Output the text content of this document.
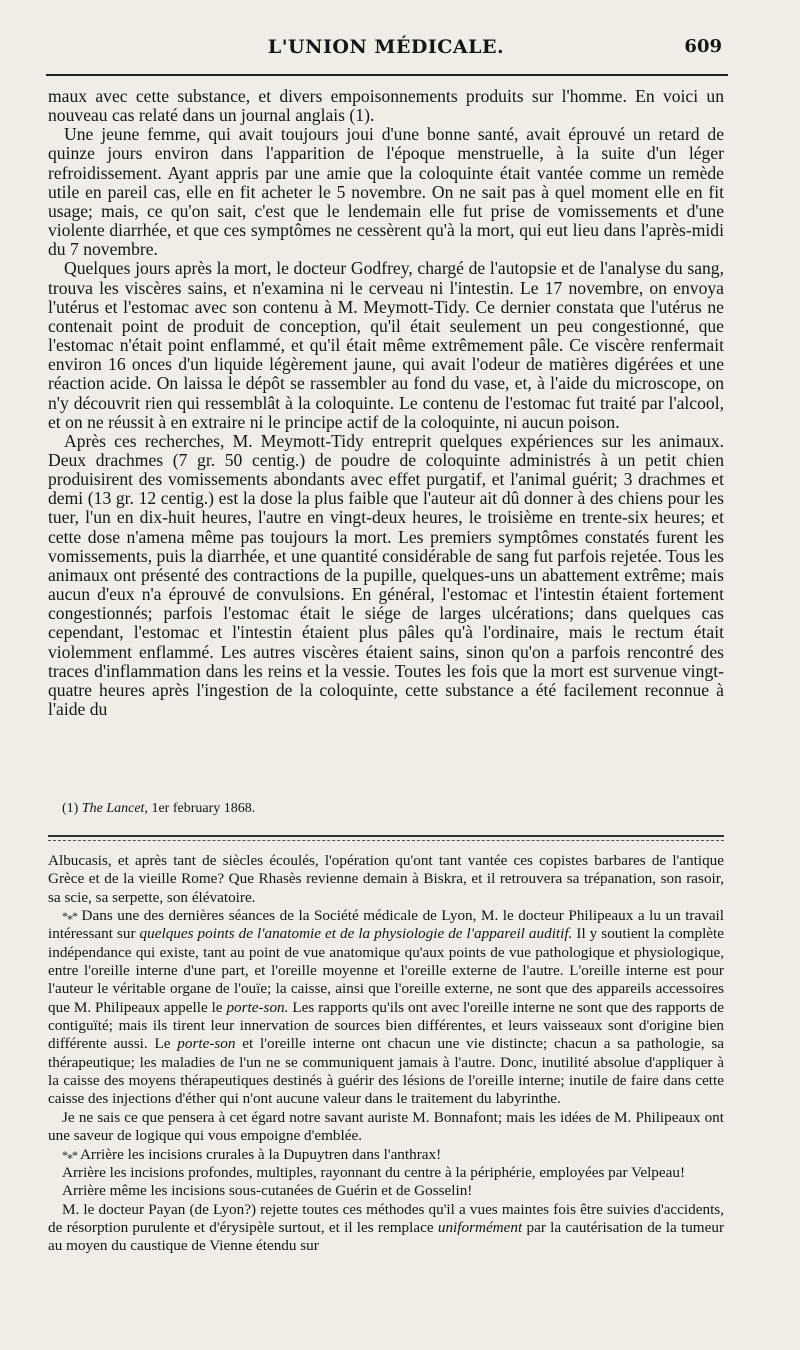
L'UNION MÉDICALE.	609

maux avec cette substance, et divers empoisonnements produits sur l'homme. En voici un nouveau cas relaté dans un journal anglais (1).

Une jeune femme, qui avait toujours joui d'une bonne santé, avait éprouvé un retard de quinze jours environ dans l'apparition de l'époque menstruelle, à la suite d'un léger refroidissement. Ayant appris par une amie que la coloquinte était vantée comme un remède utile en pareil cas, elle en fit acheter le 5 novembre. On ne sait pas à quel moment elle en fit usage; mais, ce qu'on sait, c'est que le lendemain elle fut prise de vomissements et d'une violente diarrhée, et que ces symptômes ne cessèrent qu'à la mort, qui eut lieu dans l'après-midi du 7 novembre.

Quelques jours après la mort, le docteur Godfrey, chargé de l'autopsie et de l'analyse du sang, trouva les viscères sains, et n'examina ni le cerveau ni l'intestin. Le 17 novembre, on envoya l'utérus et l'estomac avec son contenu à M. Meymott-Tidy. Ce dernier constata que l'utérus ne contenait point de produit de conception, qu'il était seulement un peu congestionné, que l'estomac n'était point enflammé, et qu'il était même extrêmement pâle. Ce viscère renfermait environ 16 onces d'un liquide légèrement jaune, qui avait l'odeur de matières digérées et une réaction acide. On laissa le dépôt se rassembler au fond du vase, et, à l'aide du microscope, on n'y découvrit rien qui ressemblât à la coloquinte. Le contenu de l'estomac fut traité par l'alcool, et on ne réussit à en extraire ni le principe actif de la coloquinte, ni aucun poison.

Après ces recherches, M. Meymott-Tidy entreprit quelques expériences sur les animaux. Deux drachmes (7 gr. 50 centig.) de poudre de coloquinte administrés à un petit chien produisirent des vomissements abondants avec effet purgatif, et l'animal guérit; 3 drachmes et demi (13 gr. 12 centig.) est la dose la plus faible que l'auteur ait dû donner à des chiens pour les tuer, l'un en dix-huit heures, l'autre en vingt-deux heures, le troisième en trente-six heures; et cette dose n'amena même pas toujours la mort. Les premiers symptômes constatés furent les vomissements, puis la diarrhée, et une quantité considérable de sang fut parfois rejetée. Tous les animaux ont présenté des contractions de la pupille, quelques-uns un abattement extrême; mais aucun d'eux n'a éprouvé de convulsions. En général, l'estomac et l'intestin étaient fortement congestionnés; parfois l'estomac était le siége de larges ulcérations; dans quelques cas cependant, l'estomac et l'intestin étaient plus pâles qu'à l'ordinaire, mais le rectum était violemment enflammé. Les autres viscères étaient sains, sinon qu'on a parfois rencontré des traces d'inflammation dans les reins et la vessie. Toutes les fois que la mort est survenue vingt-quatre heures après l'ingestion de la coloquinte, cette substance a été facilement reconnue à l'aide du

(1) The Lancet, 1er february 1868.

Albucasis, et après tant de siècles écoulés, l'opération qu'ont tant vantée ces copistes barbares de l'antique Grèce et de la vieille Rome? Que Rhasès revienne demain à Biskra, et il retrouvera sa trépanation, son rasoir, sa scie, sa serpette, son élévatoire.

*⁎* Dans une des dernières séances de la Société médicale de Lyon, M. le docteur Philipeaux a lu un travail intéressant sur quelques points de l'anatomie et de la physiologie de l'appareil auditif. Il y soutient la complète indépendance qui existe, tant au point de vue anatomique qu'aux points de vue pathologique et physiologique, entre l'oreille interne d'une part, et l'oreille moyenne et l'oreille externe de l'autre. L'oreille interne est pour l'auteur le véritable organe de l'ouïe; la caisse, ainsi que l'oreille externe, ne sont que des appareils accessoires que M. Philipeaux appelle le porte-son. Les rapports qu'ils ont avec l'oreille interne ne sont que des rapports de contiguïté; mais ils tirent leur innervation de sources bien différentes, et leurs vaisseaux sont d'origine bien différente aussi. Le porte-son et l'oreille interne ont chacun une vie distincte; chacun a sa pathologie, sa thérapeutique; les maladies de l'un ne se communiquent jamais à l'autre. Donc, inutilité absolue d'appliquer à la caisse des moyens thérapeutiques destinés à guérir des lésions de l'oreille interne; inutile de faire dans cette caisse des injections d'éther qui n'ont aucune valeur dans le traitement du labyrinthe.

Je ne sais ce que pensera à cet égard notre savant auriste M. Bonnafont; mais les idées de M. Philipeaux ont une saveur de logique qui vous empoigne d'emblée.

*⁎* Arrière les incisions crurales à la Dupuytren dans l'anthrax!

Arrière les incisions profondes, multiples, rayonnant du centre à la périphérie, employées par Velpeau!

Arrière même les incisions sous-cutanées de Guérin et de Gosselin!

M. le docteur Payan (de Lyon?) rejette toutes ces méthodes qu'il a vues maintes fois être suivies d'accidents, de résorption purulente et d'érysipèle surtout, et il les remplace uniformément par la cautérisation de la tumeur au moyen du caustique de Vienne étendu sur
